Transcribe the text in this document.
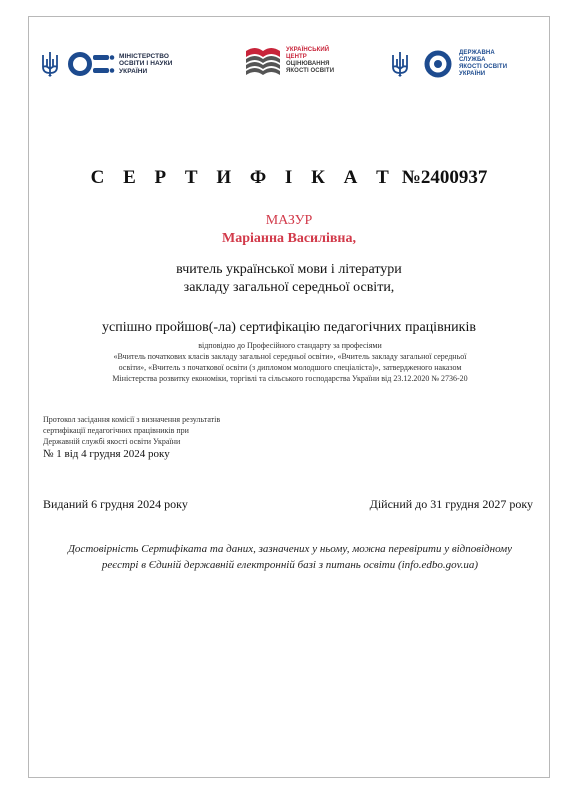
МІНІСТЕРСТВО
ОСВІТИ І НАУКИ
УКРАЇНИ
УКРАЇНСЬКИЙ
ЦЕНТР
ОЦІНЮВАННЯ
ЯКОСТІ ОСВІТИ
ДЕРЖАВНА
СЛУЖБА
ЯКОСТІ ОСВІТИ
УКРАЇНИ
С Е Р Т И Ф І К А Т №2400937
МАЗУР
Маріанна Василівна,
вчитель української мови і літератури
закладу загальної середньої освіти,
успішно пройшов(-ла) сертифікацію педагогічних працівників
відповідно до Професійного стандарту за професіями
«Вчитель початкових класів закладу загальної середньої освіти», «Вчитель закладу загальної середньої
освіти», «Вчитель з початкової освіти (з дипломом молодшого спеціаліста)», затвердженого наказом
Міністерства розвитку економіки, торгівлі та сільського господарства України від 23.12.2020 № 2736-20
Протокол засідання комісії з визначення результатів
сертифікації педагогічних працівників при
Державній службі якості освіти України
№ 1 від 4 грудня 2024 року
Виданий 6 грудня 2024 року	Дійсний до 31 грудня 2027 року
Достовірність Сертифіката та даних, зазначених у ньому, можна перевірити у відповідному
реєстрі в Єдиній державній електронній базі з питань освіти (info.edbo.gov.ua)
